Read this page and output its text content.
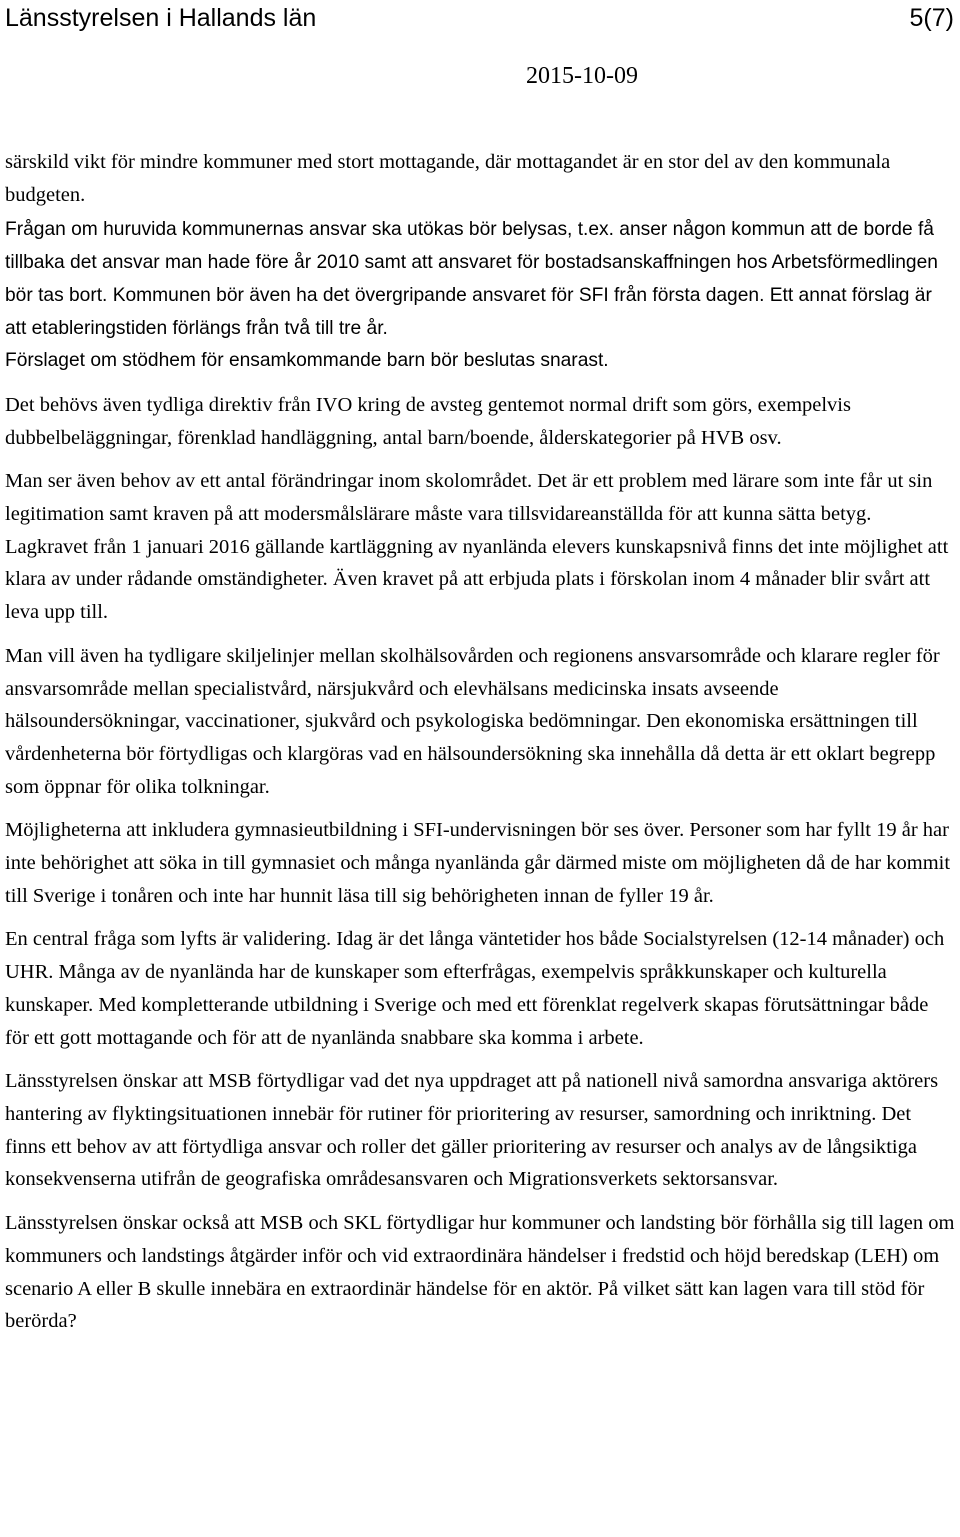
Länsstyrelsen i Hallands län	5(7)
2015-10-09

särskild vikt för mindre kommuner med stort mottagande, där mottagandet är en stor del av den kommunala budgeten.

Frågan om huruvida kommunernas ansvar ska utökas bör belysas, t.ex. anser någon kommun att de borde få tillbaka det ansvar man hade före år 2010 samt att ansvaret för bostadsanskaffningen hos Arbetsförmedlingen bör tas bort. Kommunen bör även ha det övergripande ansvaret för SFI från första dagen. Ett annat förslag är att etableringstiden förlängs från två till tre år.

Förslaget om stödhem för ensamkommande barn bör beslutas snarast.

Det behövs även tydliga direktiv från IVO kring de avsteg gentemot normal drift som görs, exempelvis dubbelbeläggningar, förenklad handläggning, antal barn/boende, ålderskategorier på HVB osv.

Man ser även behov av ett antal förändringar inom skolområdet. Det är ett problem med lärare som inte får ut sin legitimation samt kraven på att modersmålslärare måste vara tillsvidareanställda för att kunna sätta betyg. Lagkravet från 1 januari 2016 gällande kartläggning av nyanlända elevers kunskapsnivå finns det inte möjlighet att klara av under rådande omständigheter. Även kravet på att erbjuda plats i förskolan inom 4 månader blir svårt att leva upp till.

Man vill även ha tydligare skiljelinjer mellan skolhälsovården och regionens ansvarsområde och klarare regler för ansvarsområde mellan specialistvård, närsjukvård och elevhälsans medicinska insats avseende hälsoundersökningar, vaccinationer, sjukvård och psykologiska bedömningar. Den ekonomiska ersättningen till vårdenheterna bör förtydligas och klargöras vad en hälsoundersökning ska innehålla då detta är ett oklart begrepp som öppnar för olika tolkningar.

Möjligheterna att inkludera gymnasieutbildning i SFI-undervisningen bör ses över. Personer som har fyllt 19 år har inte behörighet att söka in till gymnasiet och många nyanlända går därmed miste om möjligheten då de har kommit till Sverige i tonåren och inte har hunnit läsa till sig behörigheten innan de fyller 19 år.

En central fråga som lyfts är validering. Idag är det långa väntetider hos både Socialstyrelsen (12-14 månader) och UHR. Många av de nyanlända har de kunskaper som efterfrågas, exempelvis språkkunskaper och kulturella kunskaper. Med kompletterande utbildning i Sverige och med ett förenklat regelverk skapas förutsättningar både för ett gott mottagande och för att de nyanlända snabbare ska komma i arbete.

Länsstyrelsen önskar att MSB förtydligar vad det nya uppdraget att på nationell nivå samordna ansvariga aktörers hantering av flyktingsituationen innebär för rutiner för prioritering av resurser, samordning och inriktning. Det finns ett behov av att förtydliga ansvar och roller det gäller prioritering av resurser och analys av de långsiktiga konsekvenserna utifrån de geografiska områdesansvaren och Migrationsverkets sektorsansvar.

Länsstyrelsen önskar också att MSB och SKL förtydligar hur kommuner och landsting bör förhålla sig till lagen om kommuners och landstings åtgärder inför och vid extraordinära händelser i fredstid och höjd beredskap (LEH) om scenario A eller B skulle innebära en extraordinär händelse för en aktör. På vilket sätt kan lagen vara till stöd för berörda?
